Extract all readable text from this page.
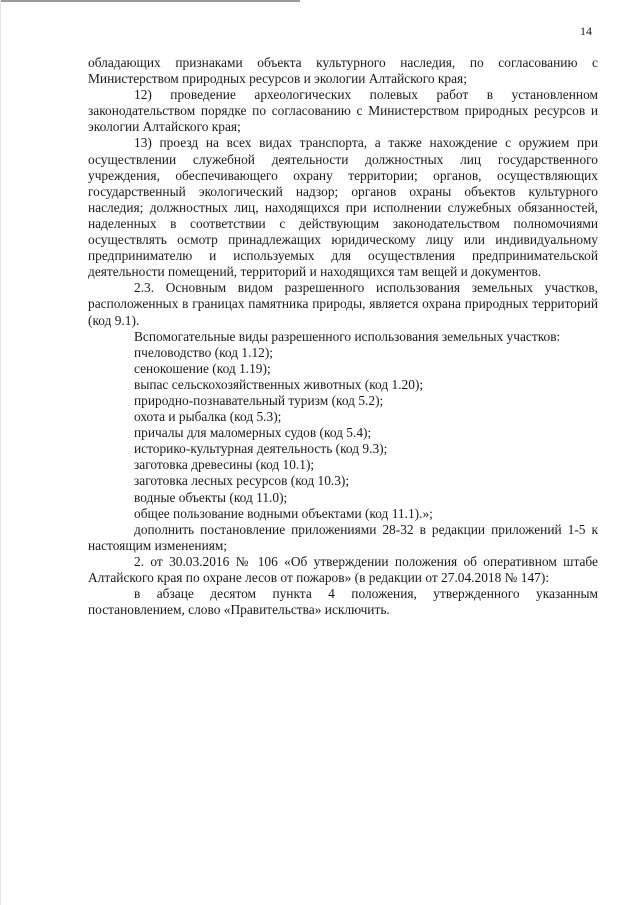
14

обладающих признаками объекта культурного наследия, по согласованию с Министерством природных ресурсов и экологии Алтайского края;

12) проведение археологических полевых работ в установленном законодательством порядке по согласованию с Министерством природных ресурсов и экологии Алтайского края;

13) проезд на всех видах транспорта, а также нахождение с оружием при осуществлении служебной деятельности должностных лиц государственного учреждения, обеспечивающего охрану территории; органов, осуществляющих государственный экологический надзор; органов охраны объектов культурного наследия; должностных лиц, находящихся при исполнении служебных обязанностей, наделенных в соответствии с действующим законодательством полномочиями осуществлять осмотр принадлежащих юридическому лицу или индивидуальному предпринимателю и используемых для осуществления предпринимательской деятельности помещений, территорий и находящихся там вещей и документов.

2.3. Основным видом разрешенного использования земельных участков, расположенных в границах памятника природы, является охрана природных территорий (код 9.1).

Вспомогательные виды разрешенного использования земельных участков:

пчеловодство (код 1.12);

сенокошение (код 1.19);

выпас сельскохозяйственных животных (код 1.20);

природно-познавательный туризм (код 5.2);

охота и рыбалка (код 5.3);

причалы для маломерных судов (код 5.4);

историко-культурная деятельность (код 9.3);

заготовка древесины (код 10.1);

заготовка лесных ресурсов (код 10.3);

водные объекты (код 11.0);

общее пользование водными объектами (код 11.1).»;

дополнить постановление приложениями 28-32 в редакции приложений 1-5 к настоящим изменениям;

2. от 30.03.2016 № 106 «Об утверждении положения об оперативном штабе Алтайского края по охране лесов от пожаров» (в редакции от 27.04.2018 № 147):

в абзаце десятом пункта 4 положения, утвержденного указанным постановлением, слово «Правительства» исключить.
